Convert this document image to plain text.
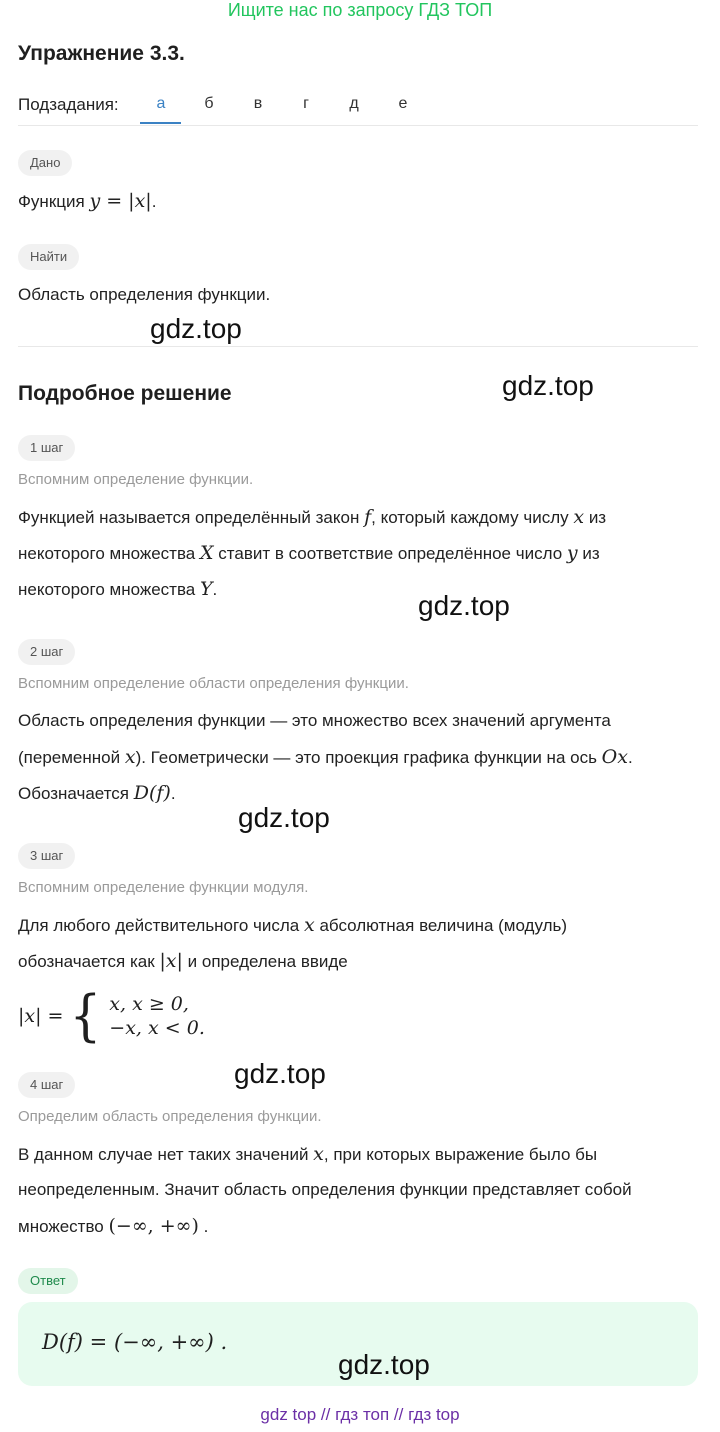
Ищите нас по запросу ГДЗ ТОП
Упражнение 3.3.
Подзадания:	а	б	в	г	д	е
Дано
Функция y = |x|.
Найти
Область определения функции.
gdz.top
Подробное решение	gdz.top
1 шаг
Вспомним определение функции.
Функцией называется определённый закон f, который каждому числу x из
некоторого множества X ставит в соответствие определённое число y из
некоторого множества Y.
gdz.top
2 шаг
Вспомним определение области определения функции.
Область определения функции — это множество всех значений аргумента
(переменной x). Геометрически — это проекция графика функции на ось Ox.
Обозначается D(f).
gdz.top
3 шаг
Вспомним определение функции модуля.
Для любого действительного числа x абсолютная величина (модуль)
обозначается как |x| и определена ввиде
|x| = { x, x ≥ 0,
−x, x < 0.
gdz.top
4 шаг
Определим область определения функции.
В данном случае нет таких значений x, при которых выражение было бы
неопределенным. Значит область определения функции представляет собой
множество (−∞, +∞) .
Ответ
D(f) = (−∞, +∞) .
gdz.top
gdz top // гдз топ // гдз top
